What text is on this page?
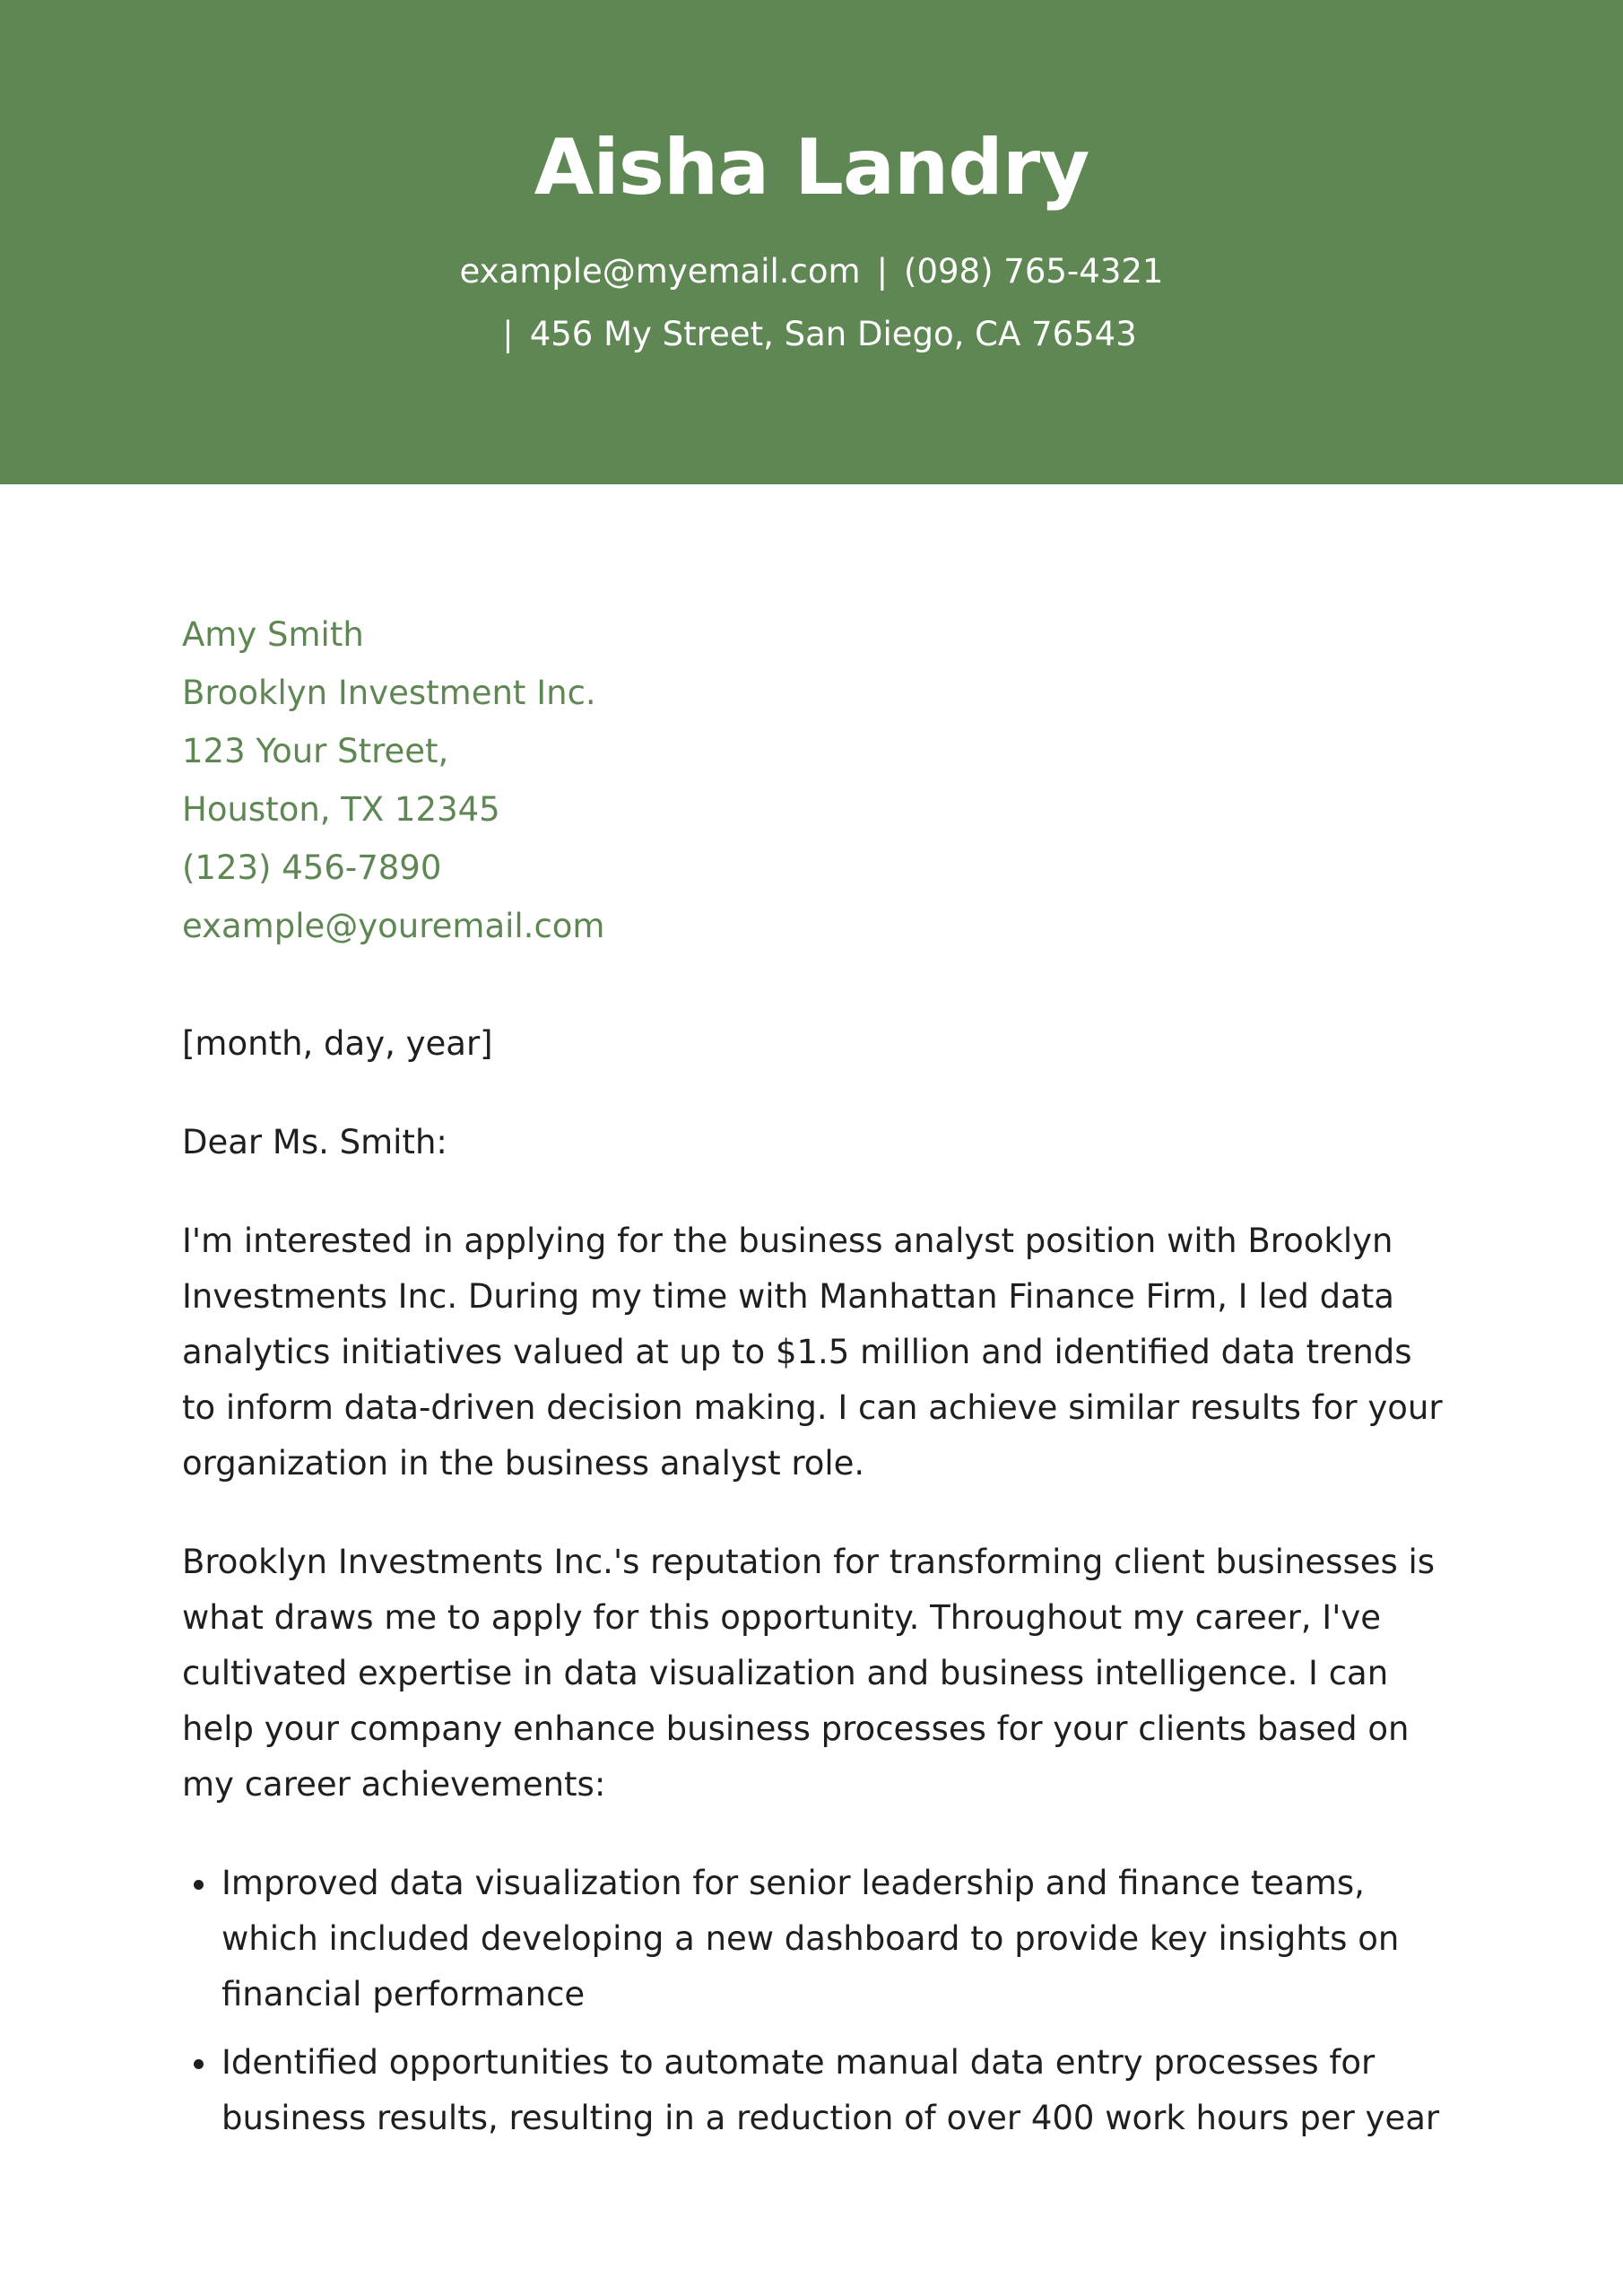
Aisha Landry
example@myemail.com | (098) 765-4321
| 456 My Street, San Diego, CA 76543
Amy Smith
Brooklyn Investment Inc.
123 Your Street,
Houston, TX 12345
(123) 456-7890
example@youremail.com
[month, day, year]
Dear Ms. Smith:

I'm interested in applying for the business analyst position with Brooklyn Investments Inc. During my time with Manhattan Finance Firm, I led data analytics initiatives valued at up to $1.5 million and identified data trends to inform data-driven decision making. I can achieve similar results for your organization in the business analyst role.

Brooklyn Investments Inc.'s reputation for transforming client businesses is what draws me to apply for this opportunity. Throughout my career, I've cultivated expertise in data visualization and business intelligence. I can help your company enhance business processes for your clients based on my career achievements:

• Improved data visualization for senior leadership and finance teams, which included developing a new dashboard to provide key insights on financial performance
• Identified opportunities to automate manual data entry processes for business results, resulting in a reduction of over 400 work hours per year
